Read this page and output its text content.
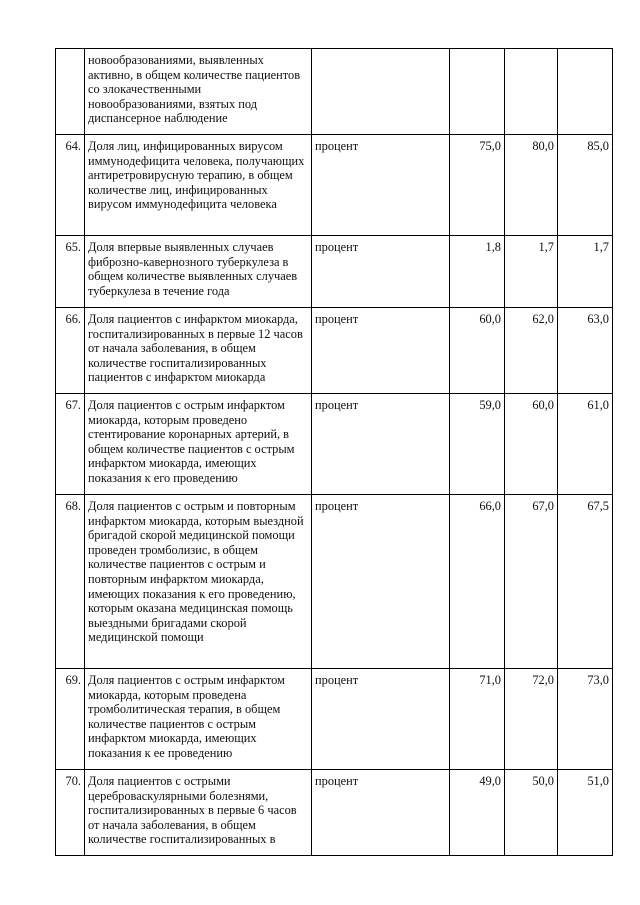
	новообразованиями, выявленных активно, в общем количестве пациентов со злокачественными новообразованиями, взятых под диспансерное наблюдение				
64.	Доля лиц, инфицированных вирусом иммунодефицита человека, получающих антиретровирусную терапию, в общем количестве лиц, инфицированных вирусом иммунодефицита человека	процент	75,0	80,0	85,0
65.	Доля впервые выявленных случаев фиброзно-кавернозного туберкулеза в общем количестве выявленных случаев туберкулеза в течение года	процент	1,8	1,7	1,7
66.	Доля пациентов с инфарктом миокарда, госпитализированных в первые 12 часов от начала заболевания, в общем количестве госпитализированных пациентов с инфарктом миокарда	процент	60,0	62,0	63,0
67.	Доля пациентов с острым инфарктом миокарда, которым проведено стентирование коронарных артерий, в общем количестве пациентов с острым инфарктом миокарда, имеющих показания к его проведению	процент	59,0	60,0	61,0
68.	Доля пациентов с острым и повторным инфарктом миокарда, которым выездной бригадой скорой медицинской помощи проведен тромболизис, в общем количестве пациентов с острым и повторным инфарктом миокарда, имеющих показания к его проведению, которым оказана медицинская помощь выездными бригадами скорой медицинской помощи	процент	66,0	67,0	67,5
69.	Доля пациентов с острым инфарктом миокарда, которым проведена тромболитическая терапия, в общем количестве пациентов с острым инфарктом миокарда, имеющих показания к ее проведению	процент	71,0	72,0	73,0
70.	Доля пациентов с острыми цереброваскулярными болезнями, госпитализированных в первые 6 часов от начала заболевания, в общем количестве госпитализированных в	процент	49,0	50,0	51,0
